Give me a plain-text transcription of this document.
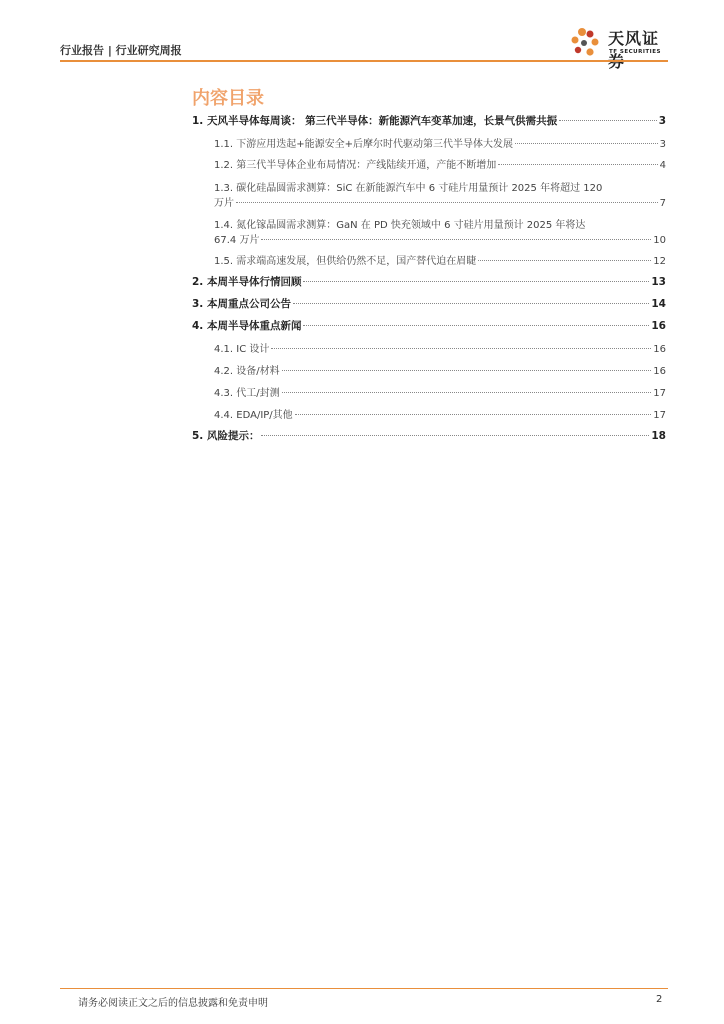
行业报告 | 行业研究周报
天风证券
TF SECURITIES
内容目录
1. 天风半导体每周谈： 第三代半导体：新能源汽车变革加速，长景气供需共振	3
1.1. 下游应用迭起+能源安全+后摩尔时代驱动第三代半导体大发展	3
1.2. 第三代半导体企业布局情况：产线陆续开通，产能不断增加	4
1.3. 碳化硅晶圆需求测算：SiC 在新能源汽车中 6 寸硅片用量预计 2025 年将超过 120
万片	7
1.4. 氮化镓晶圆需求测算：GaN 在 PD 快充领域中 6 寸硅片用量预计 2025 年将达
67.4 万片	10
1.5. 需求端高速发展，但供给仍然不足，国产替代迫在眉睫	12
2. 本周半导体行情回顾	13
3. 本周重点公司公告	14
4. 本周半导体重点新闻	16
4.1. IC 设计	16
4.2. 设备/材料	16
4.3. 代工/封测	17
4.4. EDA/IP/其他	17
5. 风险提示：	18
请务必阅读正文之后的信息披露和免责申明	2
